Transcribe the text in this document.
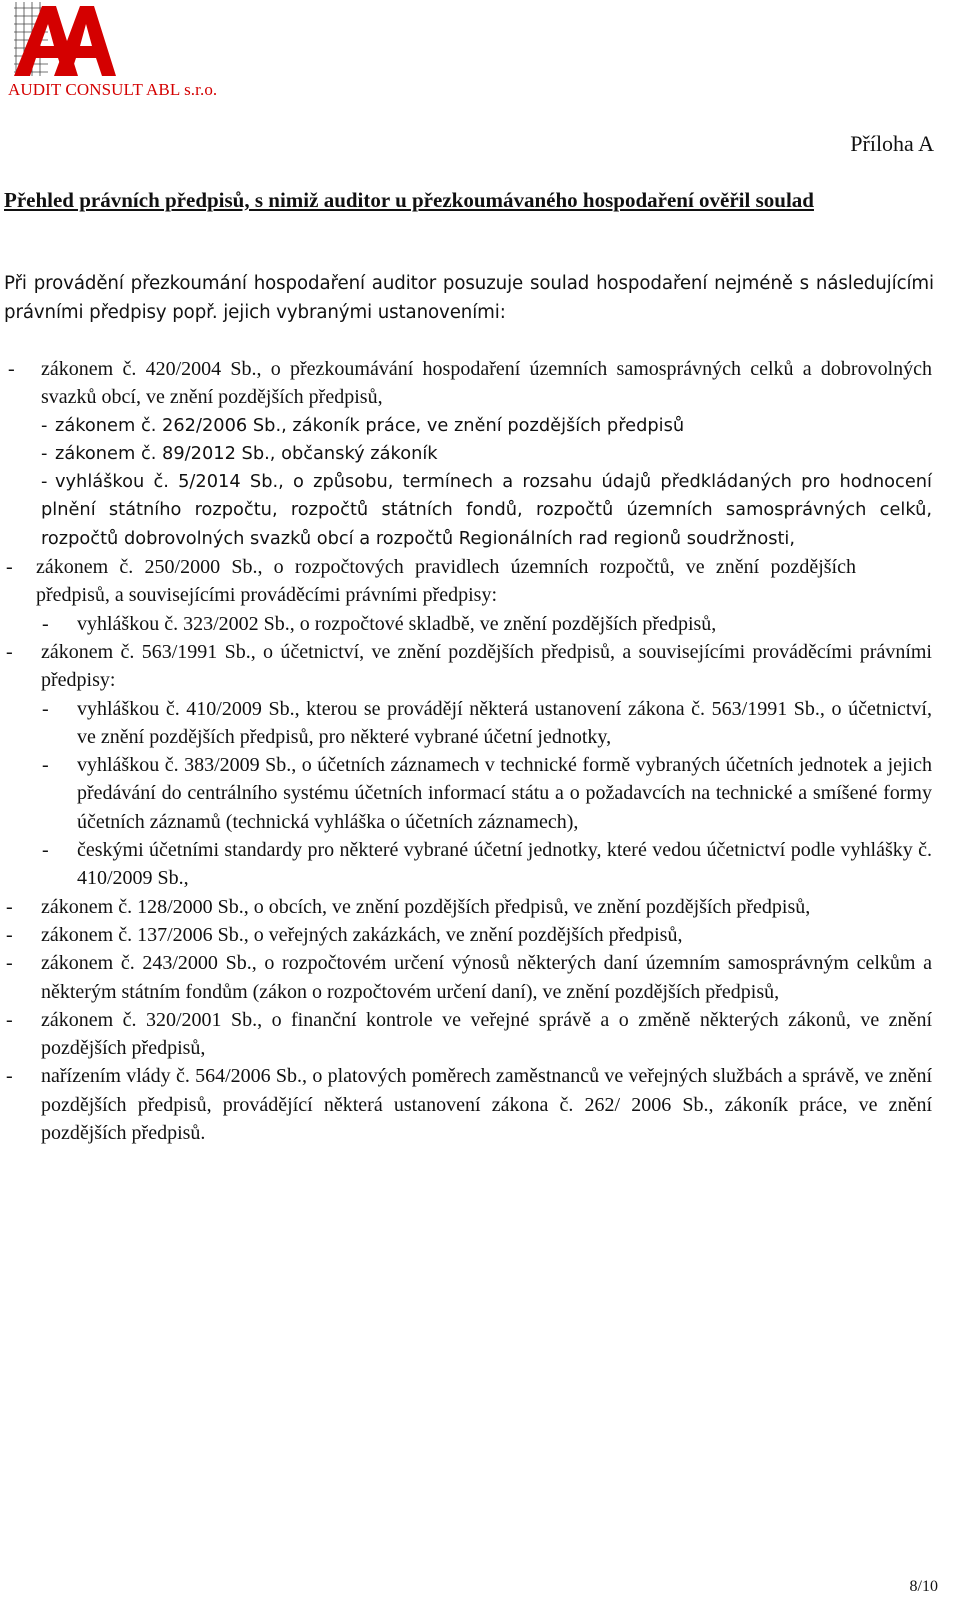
AUDIT CONSULT ABL s.r.o.
Příloha A
Přehled právních předpisů, s nimiž auditor u přezkoumávaného hospodaření ověřil soulad
Při provádění přezkoumání hospodaření auditor posuzuje soulad hospodaření nejméně s následujícími právními předpisy popř. jejich vybranými ustanoveními:
- zákonem č. 420/2004 Sb., o přezkoumávání hospodaření územních samosprávných celků a dobrovolných svazků obcí, ve znění pozdějších předpisů,
- zákonem č. 262/2006 Sb., zákoník práce, ve znění pozdějších předpisů
- zákonem č. 89/2012 Sb., občanský zákoník
- vyhláškou č. 5/2014 Sb., o způsobu, termínech a rozsahu údajů předkládaných pro hodnocení plnění státního rozpočtu, rozpočtů státních fondů, rozpočtů územních samosprávných celků, rozpočtů dobrovolných svazků obcí a rozpočtů Regionálních rad regionů soudržnosti,
- zákonem č. 250/2000 Sb., o rozpočtových pravidlech územních rozpočtů, ve znění pozdějších předpisů, a souvisejícími prováděcími právními předpisy:
- vyhláškou č. 323/2002 Sb., o rozpočtové skladbě, ve znění pozdějších předpisů,
- zákonem č. 563/1991 Sb., o účetnictví, ve znění pozdějších předpisů, a souvisejícími prováděcími právními předpisy:
- vyhláškou č. 410/2009 Sb., kterou se provádějí některá ustanovení zákona č. 563/1991 Sb., o účetnictví, ve znění pozdějších předpisů, pro některé vybrané účetní jednotky,
- vyhláškou č. 383/2009 Sb., o účetních záznamech v technické formě vybraných účetních jednotek a jejich předávání do centrálního systému účetních informací státu a o požadavcích na technické a smíšené formy účetních záznamů (technická vyhláška o účetních záznamech),
- českými účetními standardy pro některé vybrané účetní jednotky, které vedou účetnictví podle vyhlášky č. 410/2009 Sb.,
- zákonem č. 128/2000 Sb., o obcích, ve znění pozdějších předpisů, ve znění pozdějších předpisů,
- zákonem č. 137/2006 Sb., o veřejných zakázkách, ve znění pozdějších předpisů,
- zákonem č. 243/2000 Sb., o rozpočtovém určení výnosů některých daní územním samosprávným celkům a některým státním fondům (zákon o rozpočtovém určení daní), ve znění pozdějších předpisů,
- zákonem č. 320/2001 Sb., o finanční kontrole ve veřejné správě a o změně některých zákonů, ve znění pozdějších předpisů,
- nařízením vlády č. 564/2006 Sb., o platových poměrech zaměstnanců ve veřejných službách a správě, ve znění pozdějších předpisů, provádějící některá ustanovení zákona č. 262/ 2006 Sb., zákoník práce, ve znění pozdějších předpisů.
8/10
